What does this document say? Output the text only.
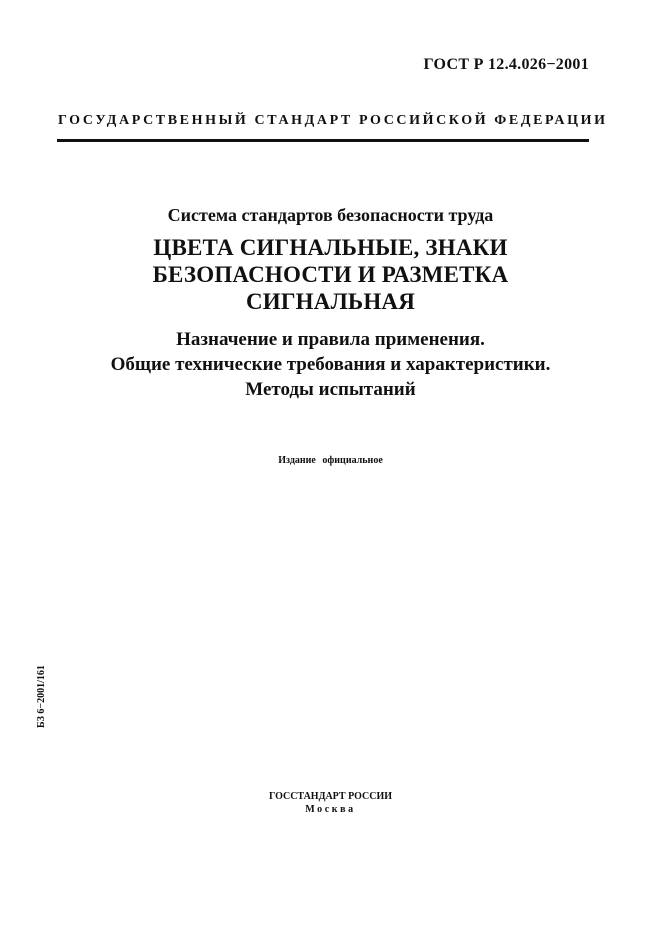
ГОСТ Р 12.4.026−2001
ГОСУДАРСТВЕННЫЙ СТАНДАРТ РОССИЙСКОЙ ФЕДЕРАЦИИ

Система стандартов безопасности труда

ЦВЕТА СИГНАЛЬНЫЕ, ЗНАКИ
БЕЗОПАСНОСТИ И РАЗМЕТКА
СИГНАЛЬНАЯ
Назначение и правила применения.
Общие технические требования и характеристики.
Методы испытаний
Издание официальное
БЗ 6−2001/161
ГОССТАНДАРТ РОССИИ
Москва
